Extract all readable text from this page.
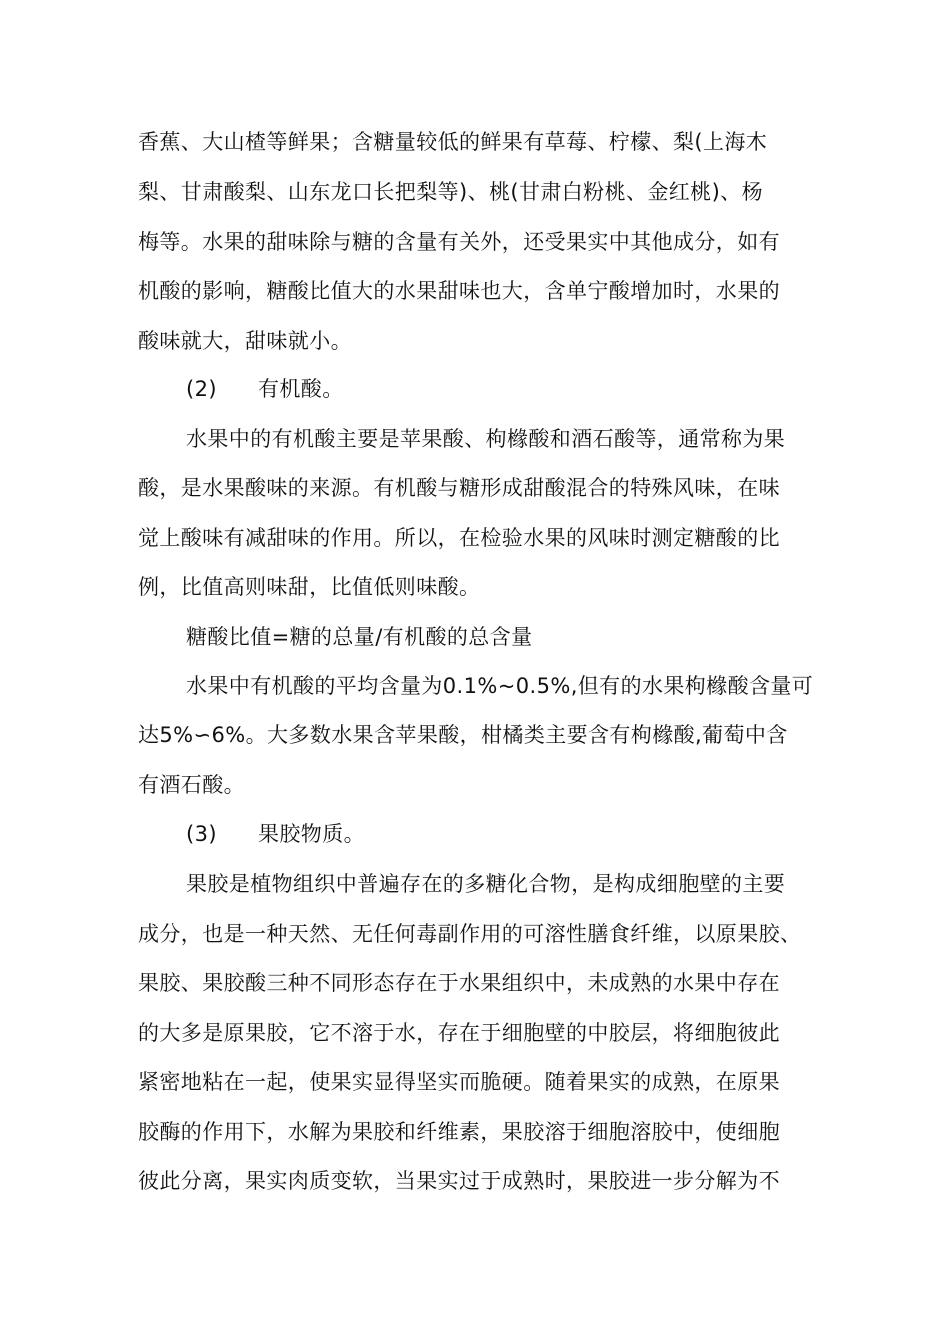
香蕉、大山楂等鲜果；含糖量较低的鲜果有草莓、柠檬、梨(上海木
梨、甘肃酸梨、山东龙口长把梨等)、桃(甘肃白粉桃、金红桃)、杨
梅等。水果的甜味除与糖的含量有关外，还受果实中其他成分，如有
机酸的影响，糖酸比值大的水果甜味也大，含单宁酸增加时，水果的
酸味就大，甜味就小。
(2) 有机酸。
水果中的有机酸主要是苹果酸、枸橼酸和酒石酸等，通常称为果
酸，是水果酸味的来源。有机酸与糖形成甜酸混合的特殊风味，在味
觉上酸味有减甜味的作用。所以，在检验水果的风味时测定糖酸的比
例，比值高则味甜，比值低则味酸。
糖酸比值=糖的总量/有机酸的总含量
水果中有机酸的平均含量为0.1%~0.5%,但有的水果枸橼酸含量可
达5%∽6%。大多数水果含苹果酸，柑橘类主要含有枸橼酸,葡萄中含
有酒石酸。
(3) 果胶物质。
果胶是植物组织中普遍存在的多糖化合物，是构成细胞壁的主要
成分，也是一种天然、无任何毒副作用的可溶性膳食纤维，以原果胶、
果胶、果胶酸三种不同形态存在于水果组织中，未成熟的水果中存在
的大多是原果胶，它不溶于水，存在于细胞壁的中胶层，将细胞彼此
紧密地粘在一起，使果实显得坚实而脆硬。随着果实的成熟，在原果
胶酶的作用下，水解为果胶和纤维素，果胶溶于细胞溶胶中，使细胞
彼此分离，果实肉质变软，当果实过于成熟时，果胶进一步分解为不
